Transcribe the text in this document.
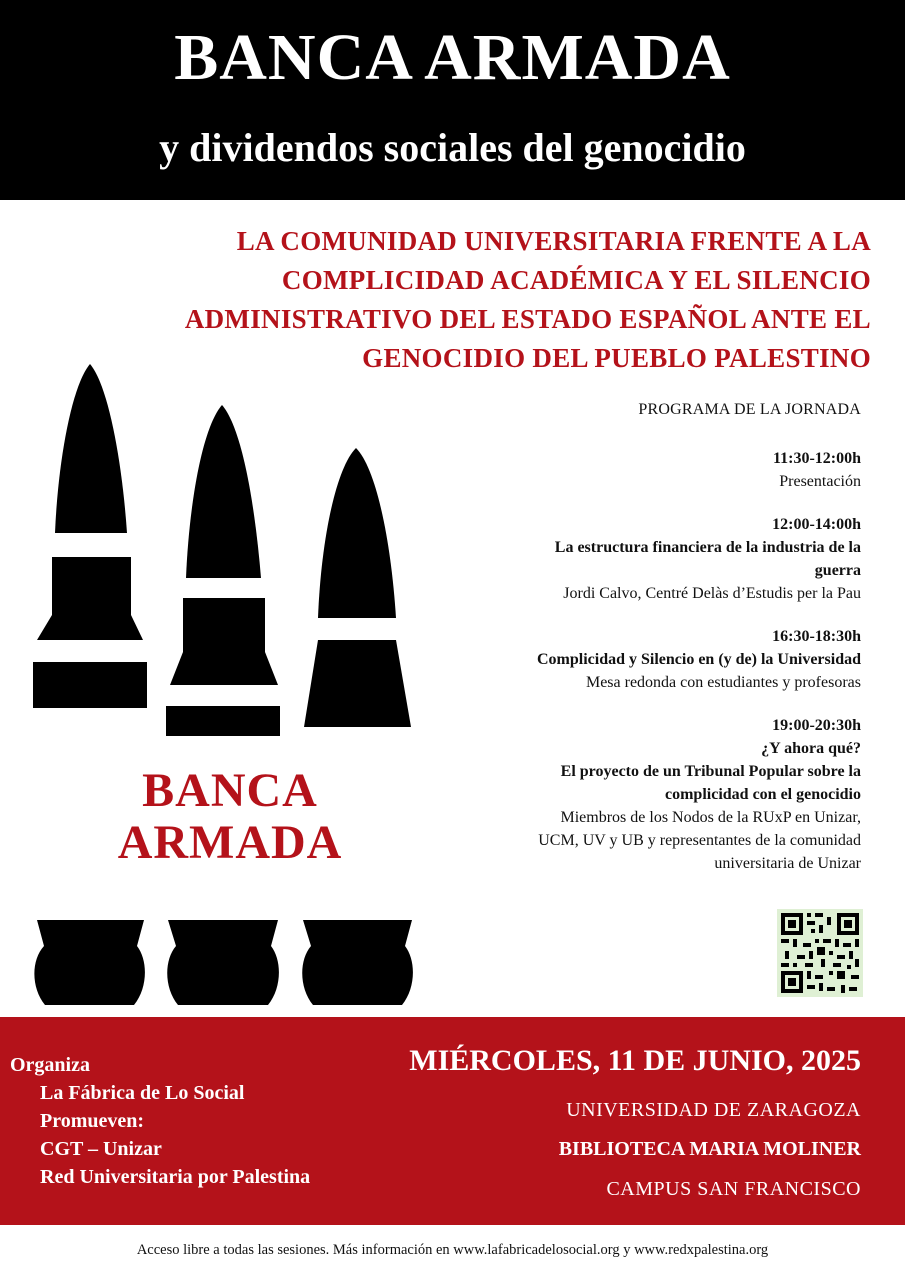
BANCA ARMADA
y dividendos sociales del genocidio
LA COMUNIDAD UNIVERSITARIA FRENTE A LA
COMPLICIDAD ACADÉMICA Y EL SILENCIO
ADMINISTRATIVO DEL ESTADO ESPAÑOL ANTE EL
GENOCIDIO DEL PUEBLO PALESTINO
BANCA
ARMADA
PROGRAMA DE LA JORNADA
11:30-12:00h
Presentación
12:00-14:00h
La estructura financiera de la industria de la
guerra
Jordi Calvo, Centré Delàs d’Estudis per la Pau
16:30-18:30h
Complicidad y Silencio en (y de) la Universidad
Mesa redonda con estudiantes y profesoras
19:00-20:30h
¿Y ahora qué?
El proyecto de un Tribunal Popular sobre la
complicidad con el genocidio
Miembros de los Nodos de la RUxP en Unizar,
UCM, UV y UB y representantes de la comunidad
universitaria de Unizar
Organiza
La Fábrica de Lo Social
Promueven:
CGT – Unizar
Red Universitaria por Palestina
MIÉRCOLES, 11 DE JUNIO, 2025
UNIVERSIDAD DE ZARAGOZA
BIBLIOTECA MARIA MOLINER
CAMPUS SAN FRANCISCO
Acceso libre a todas las sesiones. Más información en www.lafabricadelosocial.org y www.redxpalestina.org
